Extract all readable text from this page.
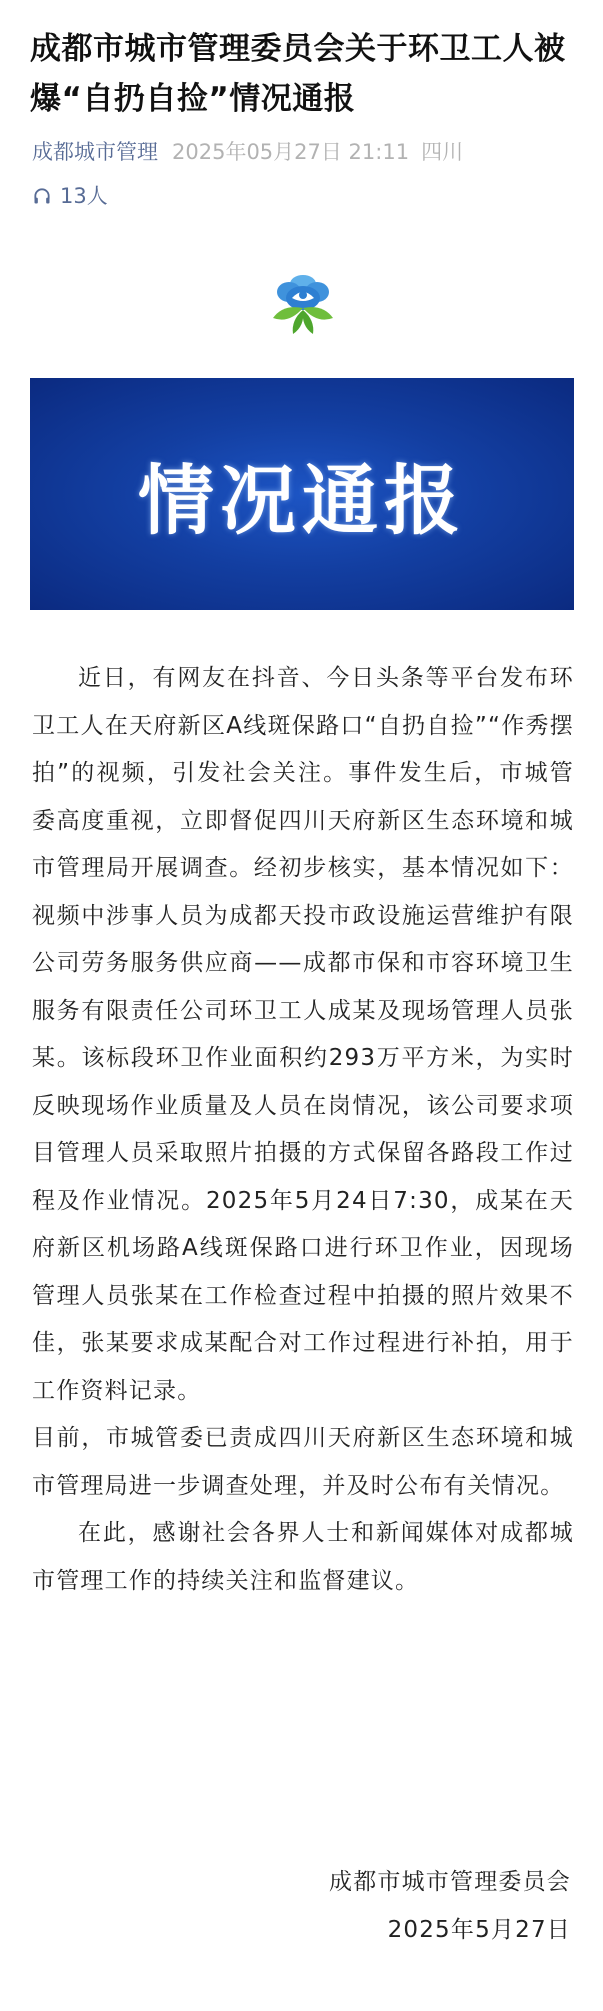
成都市城市管理委员会关于环卫工人被爆“自扔自捡”情况通报
成都城市管理 2025年05月27日 21:11 四川
13人
情况通报

近日，有网友在抖音、今日头条等平台发布环卫工人在天府新区A线斑保路口“自扔自捡”“作秀摆拍”的视频，引发社会关注。事件发生后，市城管委高度重视，立即督促四川天府新区生态环境和城市管理局开展调查。经初步核实，基本情况如下：视频中涉事人员为成都天投市政设施运营维护有限公司劳务服务供应商——成都市保和市容环境卫生服务有限责任公司环卫工人成某及现场管理人员张某。该标段环卫作业面积约293万平方米，为实时反映现场作业质量及人员在岗情况，该公司要求项目管理人员采取照片拍摄的方式保留各路段工作过程及作业情况。2025年5月24日7:30，成某在天府新区机场路A线斑保路口进行环卫作业，因现场管理人员张某在工作检查过程中拍摄的照片效果不佳，张某要求成某配合对工作过程进行补拍，用于工作资料记录。

目前，市城管委已责成四川天府新区生态环境和城市管理局进一步调查处理，并及时公布有关情况。

在此，感谢社会各界人士和新闻媒体对成都城市管理工作的持续关注和监督建议。

成都市城市管理委员会
2025年5月27日
